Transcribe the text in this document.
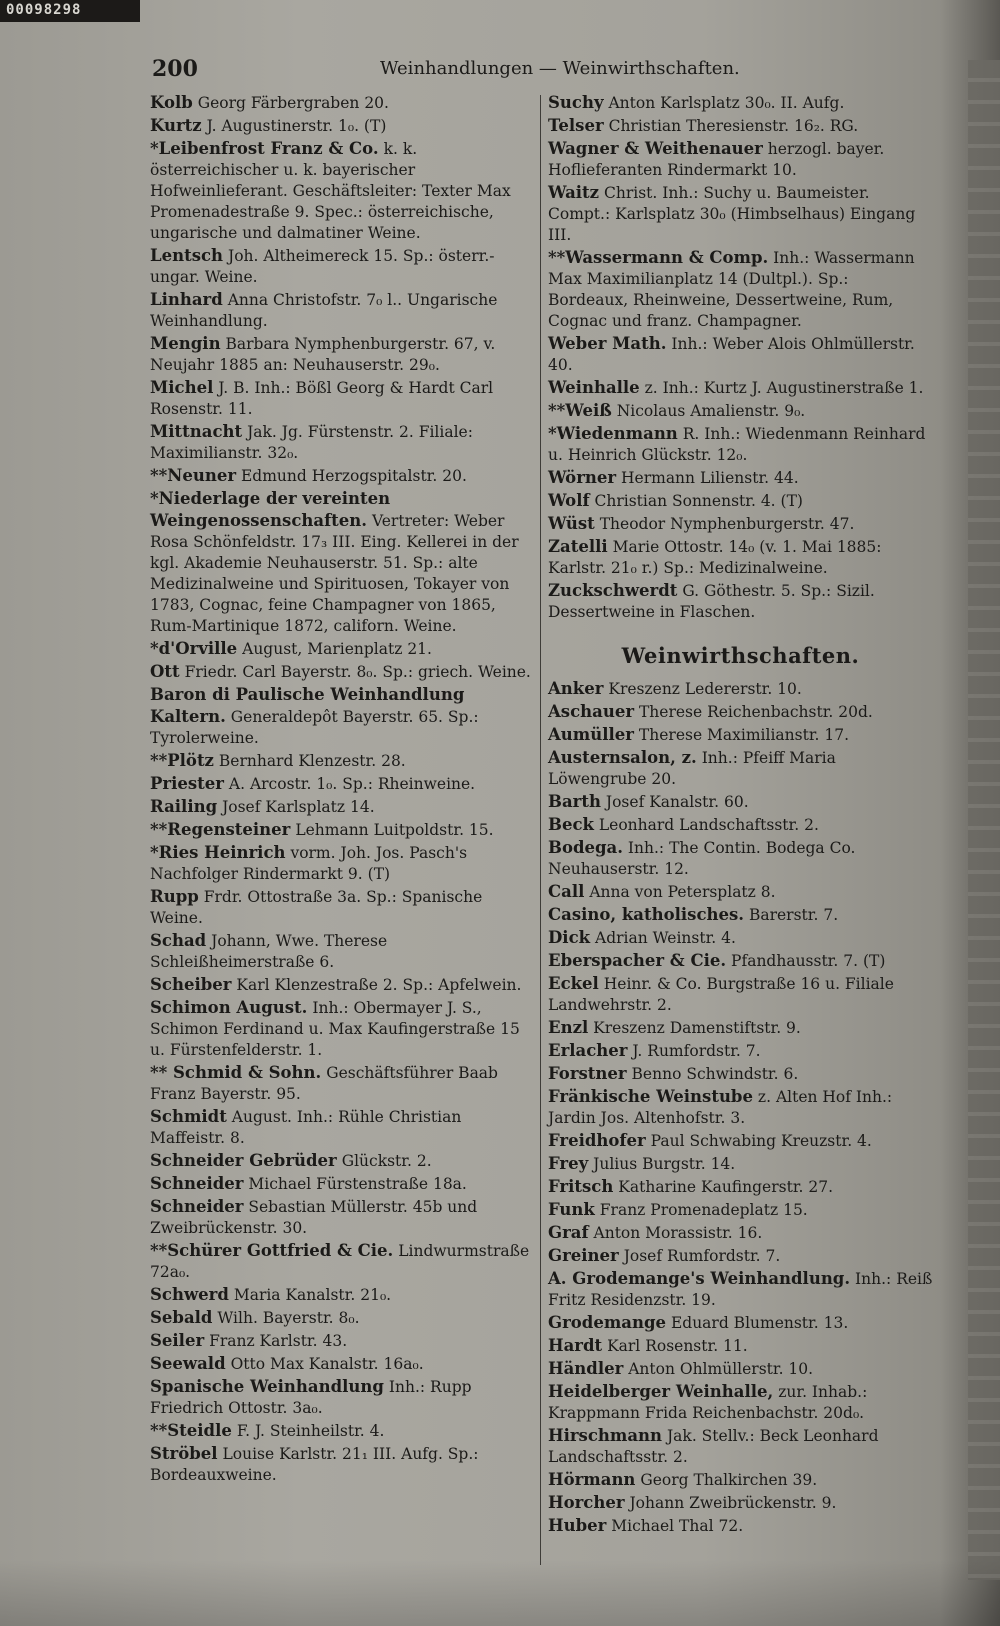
00098298
200	Weinhandlungen — Weinwirthschaften.
Kolb Georg Färbergraben 20.
Kurtz J. Augustinerstr. 1₀. (T)
*Leibenfrost Franz & Co. k. k. österreichischer u. k. bayerischer Hofweinlieferant. Geschäftsleiter: Texter Max Promenadestraße 9. Spec.: österreichische, ungarische und dalmatiner Weine.
Lentsch Joh. Altheimereck 15. Sp.: österr.-ungar. Weine.
Linhard Anna Christofstr. 7₀ l.. Ungarische Weinhandlung.
Mengin Barbara Nymphenburgerstr. 67, v. Neujahr 1885 an: Neuhauserstr. 29₀.
Michel J. B. Inh.: Bößl Georg & Hardt Carl Rosenstr. 11.
Mittnacht Jak. Jg. Fürstenstr. 2. Filiale: Maximilianstr. 32₀.
**Neuner Edmund Herzogspitalstr. 20.
*Niederlage der vereinten Weingenossenschaften. Vertreter: Weber Rosa Schönfeldstr. 17₃ III. Eing. Kellerei in der kgl. Akademie Neuhauserstr. 51. Sp.: alte Medizinalweine und Spirituosen, Tokayer von 1783, Cognac, feine Champagner von 1865, Rum-Martinique 1872, californ. Weine.
*d'Orville August, Marienplatz 21.
Ott Friedr. Carl Bayerstr. 8₀. Sp.: griech. Weine.
Baron di Paulische Weinhandlung Kaltern. Generaldepôt Bayerstr. 65. Sp.: Tyrolerweine.
**Plötz Bernhard Klenzestr. 28.
Priester A. Arcostr. 1₀. Sp.: Rheinweine.
Railing Josef Karlsplatz 14.
**Regensteiner Lehmann Luitpoldstr. 15.
*Ries Heinrich vorm. Joh. Jos. Pasch's Nachfolger Rindermarkt 9. (T)
Rupp Frdr. Ottostraße 3a. Sp.: Spanische Weine.
Schad Johann, Wwe. Therese Schleißheimerstraße 6.
Scheiber Karl Klenzestraße 2. Sp.: Apfelwein.
Schimon August. Inh.: Obermayer J. S., Schimon Ferdinand u. Max Kaufingerstraße 15 u. Fürstenfelderstr. 1.
** Schmid & Sohn. Geschäftsführer Baab Franz Bayerstr. 95.
Schmidt August. Inh.: Rühle Christian Maffeistr. 8.
Schneider Gebrüder Glückstr. 2.
Schneider Michael Fürstenstraße 18a.
Schneider Sebastian Müllerstr. 45b und Zweibrückenstr. 30.
**Schürer Gottfried & Cie. Lindwurmstraße 72a₀.
Schwerd Maria Kanalstr. 21₀.
Sebald Wilh. Bayerstr. 8₀.
Seiler Franz Karlstr. 43.
Seewald Otto Max Kanalstr. 16a₀.
Spanische Weinhandlung Inh.: Rupp Friedrich Ottostr. 3a₀.
**Steidle F. J. Steinheilstr. 4.
Ströbel Louise Karlstr. 21₁ III. Aufg. Sp.: Bordeauxweine.
Suchy Anton Karlsplatz 30₀. II. Aufg.
Telser Christian Theresienstr. 16₂. RG.
Wagner & Weithenauer herzogl. bayer. Hoflieferanten Rindermarkt 10.
Waitz Christ. Inh.: Suchy u. Baumeister. Compt.: Karlsplatz 30₀ (Himbselhaus) Eingang III.
**Wassermann & Comp. Inh.: Wassermann Max Maximilianplatz 14 (Dultpl.). Sp.: Bordeaux, Rheinweine, Dessertweine, Rum, Cognac und franz. Champagner.
Weber Math. Inh.: Weber Alois Ohlmüllerstr. 40.
Weinhalle z. Inh.: Kurtz J. Augustinerstraße 1.
**Weiß Nicolaus Amalienstr. 9₀.
*Wiedenmann R. Inh.: Wiedenmann Reinhard u. Heinrich Glückstr. 12₀.
Wörner Hermann Lilienstr. 44.
Wolf Christian Sonnenstr. 4. (T)
Wüst Theodor Nymphenburgerstr. 47.
Zatelli Marie Ottostr. 14₀ (v. 1. Mai 1885: Karlstr. 21₀ r.) Sp.: Medizinalweine.
Zuckschwerdt G. Göthestr. 5. Sp.: Sizil. Dessertweine in Flaschen.
Weinwirthschaften.
Anker Kreszenz Ledererstr. 10.
Aschauer Therese Reichenbachstr. 20d.
Aumüller Therese Maximilianstr. 17.
Austernsalon, z. Inh.: Pfeiff Maria Löwengrube 20.
Barth Josef Kanalstr. 60.
Beck Leonhard Landschaftsstr. 2.
Bodega. Inh.: The Contin. Bodega Co. Neuhauserstr. 12.
Call Anna von Petersplatz 8.
Casino, katholisches. Barerstr. 7.
Dick Adrian Weinstr. 4.
Eberspacher & Cie. Pfandhausstr. 7. (T)
Eckel Heinr. & Co. Burgstraße 16 u. Filiale Landwehrstr. 2.
Enzl Kreszenz Damenstiftstr. 9.
Erlacher J. Rumfordstr. 7.
Forstner Benno Schwindstr. 6.
Fränkische Weinstube z. Alten Hof Inh.: Jardin Jos. Altenhofstr. 3.
Freidhofer Paul Schwabing Kreuzstr. 4.
Frey Julius Burgstr. 14.
Fritsch Katharine Kaufingerstr. 27.
Funk Franz Promenadeplatz 15.
Graf Anton Morassistr. 16.
Greiner Josef Rumfordstr. 7.
A. Grodemange's Weinhandlung. Inh.: Reiß Fritz Residenzstr. 19.
Grodemange Eduard Blumenstr. 13.
Hardt Karl Rosenstr. 11.
Händler Anton Ohlmüllerstr. 10.
Heidelberger Weinhalle, zur. Inhab.: Krappmann Frida Reichenbachstr. 20d₀.
Hirschmann Jak. Stellv.: Beck Leonhard Landschaftsstr. 2.
Hörmann Georg Thalkirchen 39.
Horcher Johann Zweibrückenstr. 9.
Huber Michael Thal 72.
